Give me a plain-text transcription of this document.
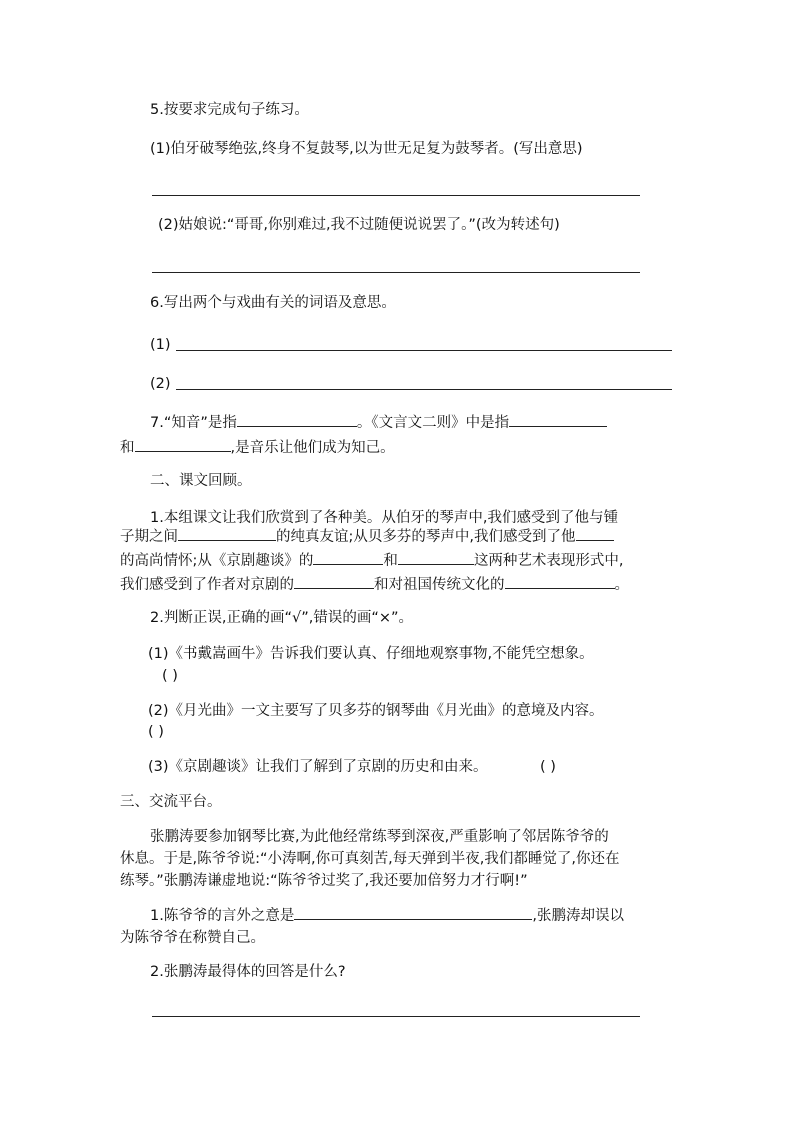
5.按要求完成句子练习。
(1)伯牙破琴绝弦,终身不复鼓琴,以为世无足复为鼓琴者。(写出意思)
(2)姑娘说:“哥哥,你别难过,我不过随便说说罢了。”(改为转述句)
6.写出两个与戏曲有关的词语及意思。
(1)
(2)
7.“知音”是指	。《文言文二则》中是指
和	,是音乐让他们成为知己。
二、课文回顾。
1.本组课文让我们欣赏到了各种美。从伯牙的琴声中,我们感受到了他与锺
子期之间	的纯真友谊;从贝多芬的琴声中,我们感受到了他
的高尚情怀;从《京剧趣谈》的	和	这两种艺术表现形式中,
我们感受到了作者对京剧的	和对祖国传统文化的	。
2.判断正误,正确的画“√”,错误的画“×”。
(1)《书戴嵩画牛》告诉我们要认真、仔细地观察事物,不能凭空想象。
( )
(2)《月光曲》一文主要写了贝多芬的钢琴曲《月光曲》的意境及内容。
( )
(3)《京剧趣谈》让我们了解到了京剧的历史和由来。	( )
三、交流平台。
张鹏涛要参加钢琴比赛,为此他经常练琴到深夜,严重影响了邻居陈爷爷的
休息。于是,陈爷爷说:“小涛啊,你可真刻苦,每天弹到半夜,我们都睡觉了,你还在
练琴。”张鹏涛谦虚地说:“陈爷爷过奖了,我还要加倍努力才行啊!”
1.陈爷爷的言外之意是	,张鹏涛却误以
为陈爷爷在称赞自己。
2.张鹏涛最得体的回答是什么?
